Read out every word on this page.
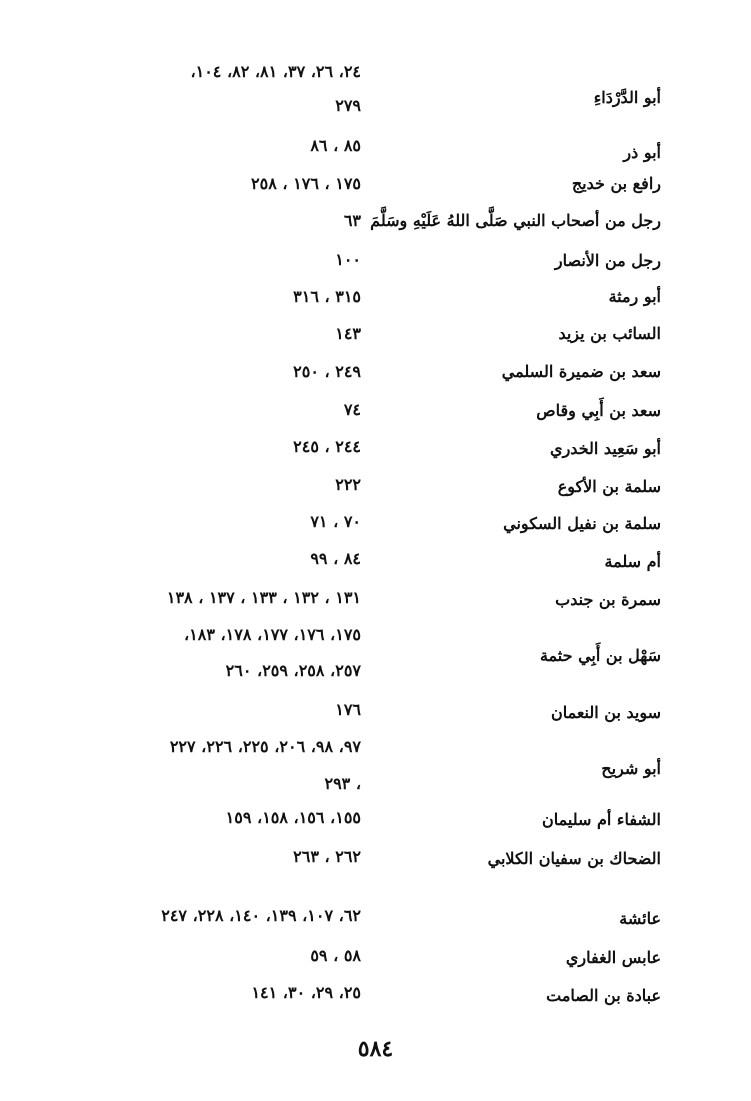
أبو الدَّرْدَاءِ
٢٤، ٢٦، ٣٧، ٨١، ٨٢، ١٠٤،
٢٧٩
أبو ذر
٨٥ ، ٨٦
رافع بن خديج
١٧٥ ، ١٧٦ ، ٢٥٨
رجل من أصحاب النبي صَلَّى اللهُ عَلَيْهِ وسَلَّمَ
٦٣
رجل من الأنصار
١٠٠
أبو رمثة
٣١٥ ، ٣١٦
السائب بن يزيد
١٤٣
سعد بن ضميرة السلمي
٢٤٩ ، ٢٥٠
سعد بن أَبِي وقاص
٧٤
أبو سَعِيد الخدري
٢٤٤ ، ٢٤٥
سلمة بن الأكوع
٢٢٢
سلمة بن نفيل السكوني
٧٠ ، ٧١
أم سلمة
٨٤ ، ٩٩
سمرة بن جندب
١٣١ ، ١٣٢ ، ١٣٣ ، ١٣٧ ، ١٣٨
سَهْل بن أَبِي حثمة
١٧٥، ١٧٦، ١٧٧، ١٧٨، ١٨٣،
٢٥٧، ٢٥٨، ٢٥٩، ٢٦٠
سويد بن النعمان
١٧٦
أبو شريح
٩٧، ٩٨، ٢٠٦، ٢٢٥، ٢٢٦، ٢٢٧
، ٢٩٣
الشفاء أم سليمان
١٥٥، ١٥٦، ١٥٨، ١٥٩
الضحاك بن سفيان الكلابي
٢٦٢ ، ٢٦٣
عائشة
٦٢، ١٠٧، ١٣٩، ١٤٠، ٢٢٨، ٢٤٧
عابس الغفاري
٥٨ ، ٥٩
عبادة بن الصامت
٢٥، ٢٩، ٣٠، ١٤١
٥٨٤
